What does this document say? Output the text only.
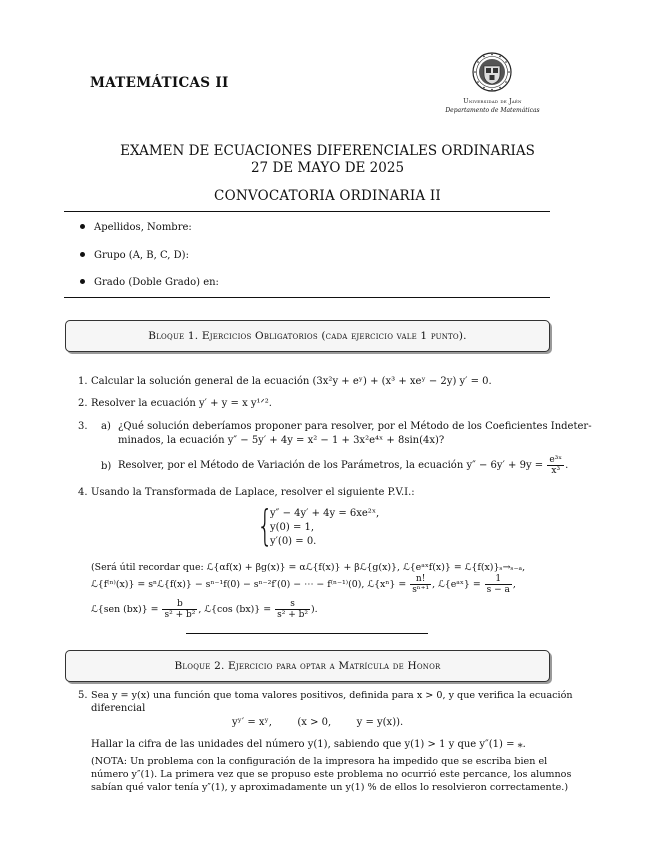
MATEMÁTICAS II
Universidad de Jaén
Departamento de Matemáticas
EXAMEN DE ECUACIONES DIFERENCIALES ORDINARIAS
27 DE MAYO DE 2025
CONVOCATORIA ORDINARIA II
Apellidos, Nombre:
Grupo (A, B, C, D):
Grado (Doble Grado) en:
Bloque 1. Ejercicios Obligatorios (cada ejercicio vale 1 punto).
1. Calcular la solución general de la ecuación (3x²y + eʸ) + (x³ + xeʸ − 2y) y′ = 0.
2. Resolver la ecuación y′ + y = x y¹ᐟ².
3. a) ¿Qué solución deberíamos proponer para resolver, por el Método de los Coeficientes Indeter-
minados, la ecuación y″ − 5y′ + 4y = x² − 1 + 3x²e⁴ˣ + 8sin(4x)?
b) Resolver, por el Método de Variación de los Parámetros, la ecuación $y'' - 6y' + 9y = \frac{\text{e³ˣ}}{\text{x³}}$ .
4. Usando la Transformada de Laplace, resolver el siguiente P.V.I.:
{
y″ − 4y′ + 4y = 6xe²ˣ,
y(0) = 1,
y′(0) = 0.
(Será útil recordar que: ℒ{αf(x) + βg(x)} = αℒ{f(x)} + βℒ{g(x)}, ℒ{eᵃˣf(x)} = ℒ{f(x)}ₛ→ₛ₋ₐ,
ℒ{f⁽ⁿ⁾(x)} = sⁿℒ{f(x)} − sⁿ⁻¹f(0) − sⁿ⁻²f′(0) − ⋯ − f⁽ⁿ⁻¹⁾(0), ℒ{xⁿ} = $\frac{n!}{\text{sⁿ⁺¹}}$ , ℒ{eᵃˣ} = $\frac{1}{s - a}$ ,
ℒ{sen $(bx)\} = \frac{b}{\text{s² + b²}}$ , ℒ{cos $(bx)\} = \frac{s}{\text{s² + b²}}$ ).
Bloque 2. Ejercicio para optar a Matrícula de Honor
5. Sea y = y(x) una función que toma valores positivos, definida para x > 0, y que verifica la ecuación
diferencial
yʸ′ = xʸ,        (x > 0,        y = y(x)).
Hallar la cifra de las unidades del número y(1), sabiendo que y(1) > 1 y que y″(1) = ⁎.
(NOTA: Un problema con la configuración de la impresora ha impedido que se escriba bien el
número y″(1). La primera vez que se propuso este problema no ocurrió este percance, los alumnos
sabían qué valor tenía y″(1), y aproximadamente un y(1) % de ellos lo resolvieron correctamente.)
